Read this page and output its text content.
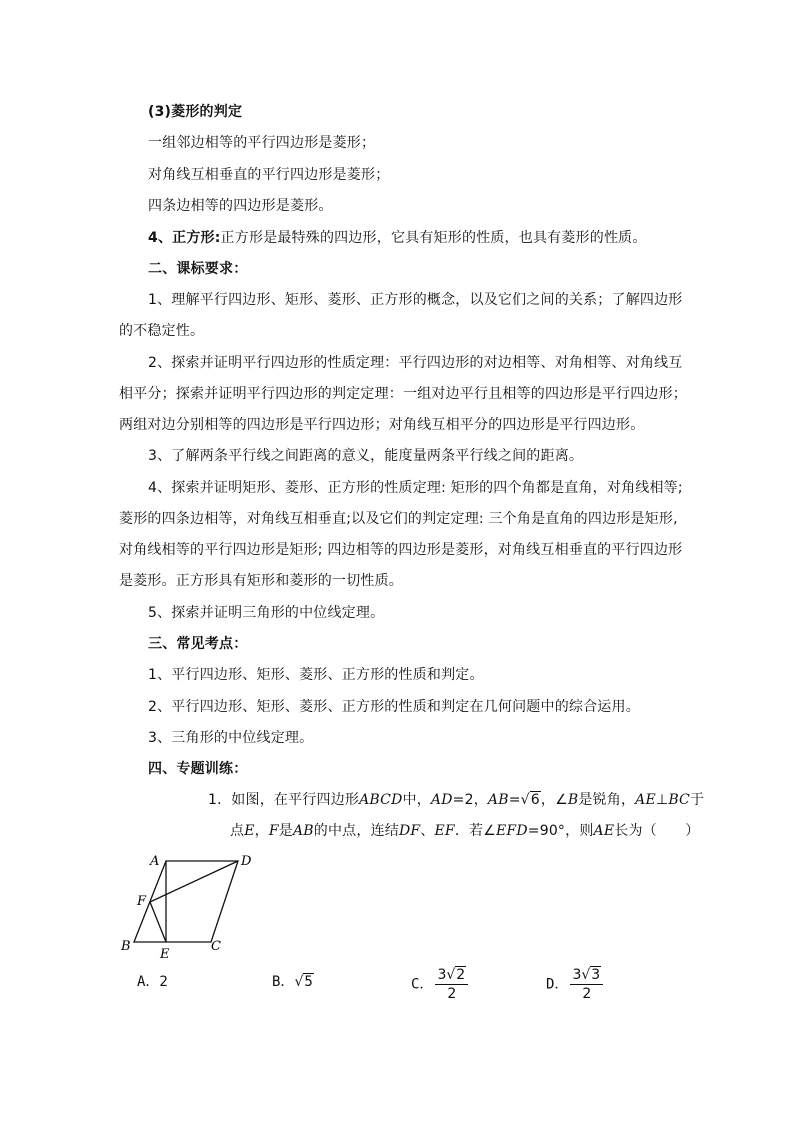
(3)菱形的判定
一组邻边相等的平行四边形是菱形；
对角线互相垂直的平行四边形是菱形；
四条边相等的四边形是菱形。
4、正方形:正方形是最特殊的四边形，它具有矩形的性质，也具有菱形的性质。
二、课标要求：
1、理解平行四边形、矩形、菱形、正方形的概念，以及它们之间的关系；了解四边形
的不稳定性。
2、探索并证明平行四边形的性质定理：平行四边形的对边相等、对角相等、对角线互
相平分；探索并证明平行四边形的判定定理：一组对边平行且相等的四边形是平行四边形；
两组对边分别相等的四边形是平行四边形；对角线互相平分的四边形是平行四边形。
3、了解两条平行线之间距离的意义，能度量两条平行线之间的距离。
4、探索并证明矩形、菱形、正方形的性质定理: 矩形的四个角都是直角，对角线相等;
菱形的四条边相等，对角线互相垂直;以及它们的判定定理: 三个角是直角的四边形是矩形,
对角线相等的平行四边形是矩形; 四边相等的四边形是菱形，对角线互相垂直的平行四边形
是菱形。正方形具有矩形和菱形的一切性质。
5、探索并证明三角形的中位线定理。
三、常见考点：
1、平行四边形、矩形、菱形、正方形的性质和判定。
2、平行四边形、矩形、菱形、正方形的性质和判定在几何问题中的综合运用。
3、三角形的中位线定理。
四、专题训练：
1．如图，在平行四边形ABCD中，AD=2，AB=√6，∠B是锐角，AE⊥BC于
点E，F是AB的中点，连结DF、EF．若∠EFD=90°，则AE长为（　　）
A	D
F
B
E
C
A．2	B．√5	C． $\frac{3√2}{2}$	D． $\frac{3√3}{2}$
